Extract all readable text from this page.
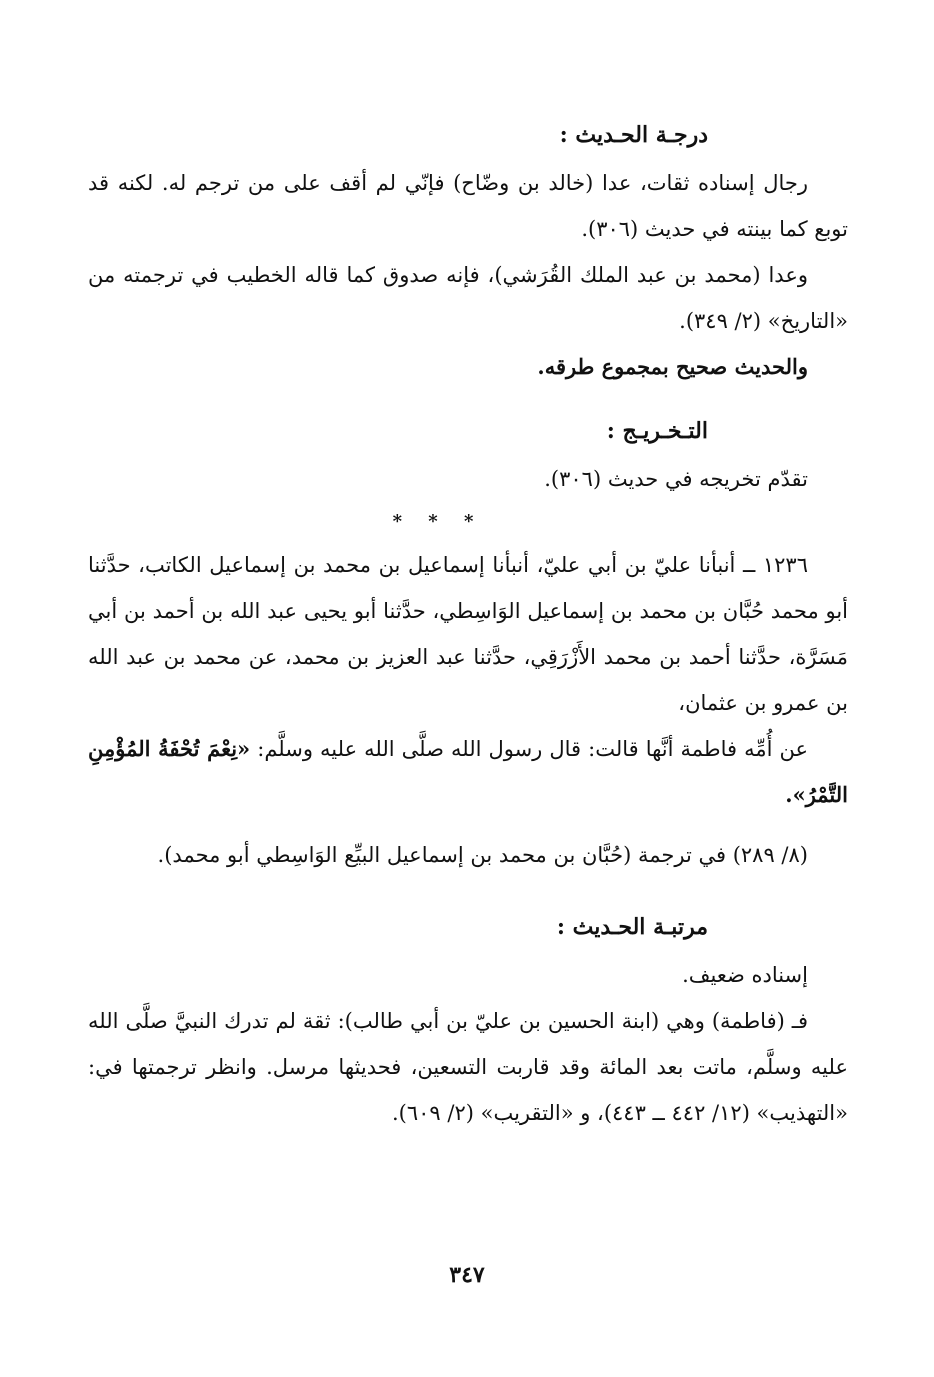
درجـة الحـديث :

رجال إسناده ثقات، عدا (خالد بن وضّاح) فإنّي لم أقف على من ترجم له. لكنه قد توبع كما بينته في حديث (٣٠٦).

وعدا (محمد بن عبد الملك القُرَشي)، فإنه صدوق كما قاله الخطيب في ترجمته من «التاريخ» (٢/ ٣٤٩).

والحديث صحيح بمجموع طرقه.

التـخـريـج :

تقدّم تخريجه في حديث (٣٠٦).

* * *

١٢٣٦ ــ أنبأنا عليّ بن أبي عليّ، أنبأنا إسماعيل بن محمد بن إسماعيل الكاتب، حدَّثنا أبو محمد حُبَّان بن محمد بن إسماعيل الوَاسِطي، حدَّثنا أبو يحيى عبد الله بن أحمد بن أبي مَسَرَّة، حدَّثنا أحمد بن محمد الأَزْرَقِي، حدَّثنا عبد العزيز بن محمد، عن محمد بن عبد الله بن عمرو بن عثمان،

عن أُمِّه فاطمة أنَّها قالت: قال رسول الله صلَّى الله عليه وسلَّم: «نِعْمَ تُحْفَةُ المُؤْمِنِ التَّمْرُ».

(٨/ ٢٨٩) في ترجمة (حُبَّان بن محمد بن إسماعيل البيِّع الوَاسِطي أبو محمد).

مرتبـة الحـديث :

إسناده ضعيف.

فـ (فاطمة) وهي (ابنة الحسين بن عليّ بن أبي طالب): ثقة لم تدرك النبيَّ صلَّى الله عليه وسلَّم، ماتت بعد المائة وقد قاربت التسعين، فحديثها مرسل. وانظر ترجمتها في: «التهذيب» (١٢/ ٤٤٢ ــ ٤٤٣)، و «التقريب» (٢/ ٦٠٩).

٣٤٧
